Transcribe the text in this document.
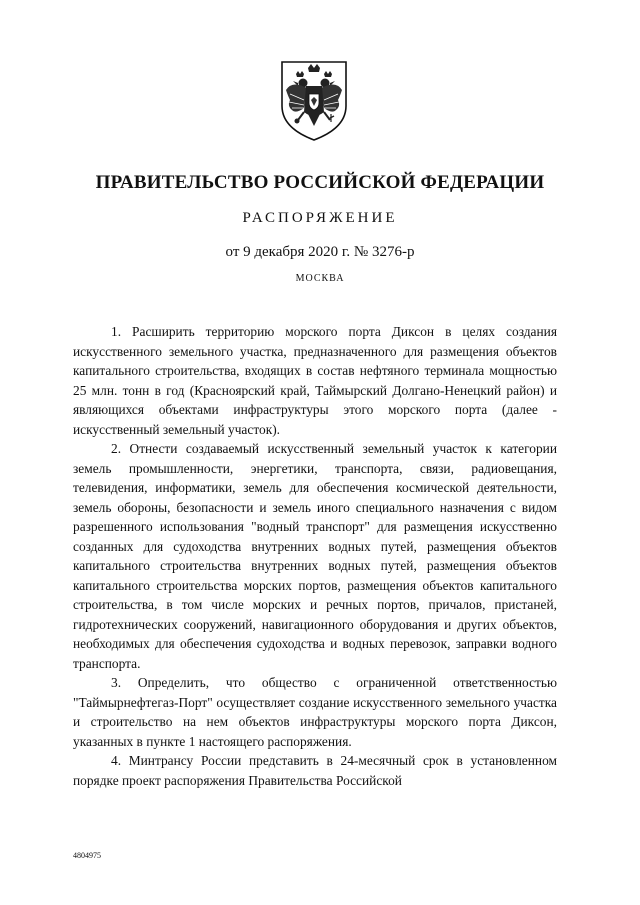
ПРАВИТЕЛЬСТВО РОССИЙСКОЙ ФЕДЕРАЦИИ
РАСПОРЯЖЕНИЕ
от 9 декабря 2020 г. № 3276-р
МОСКВА

1. Расширить территорию морского порта Диксон в целях создания искусственного земельного участка, предназначенного для размещения объектов капитального строительства, входящих в состав нефтяного терминала мощностью 25 млн. тонн в год (Красноярский край, Таймырский Долгано-Ненецкий район) и являющихся объектами инфраструктуры этого морского порта (далее - искусственный земельный участок).

2. Отнести создаваемый искусственный земельный участок к категории земель промышленности, энергетики, транспорта, связи, радиовещания, телевидения, информатики, земель для обеспечения космической деятельности, земель обороны, безопасности и земель иного специального назначения с видом разрешенного использования "водный транспорт" для размещения искусственно созданных для судоходства внутренних водных путей, размещения объектов капитального строительства внутренних водных путей, размещения объектов капитального строительства морских портов, размещения объектов капитального строительства, в том числе морских и речных портов, причалов, пристаней, гидротехнических сооружений, навигационного оборудования и других объектов, необходимых для обеспечения судоходства и водных перевозок, заправки водного транспорта.

3. Определить, что общество с ограниченной ответственностью "Таймырнефтегаз-Порт" осуществляет создание искусственного земельного участка и строительство на нем объектов инфраструктуры морского порта Диксон, указанных в пункте 1 настоящего распоряжения.

4. Минтрансу России представить в 24-месячный срок в установленном порядке проект распоряжения Правительства Российской

4804975
